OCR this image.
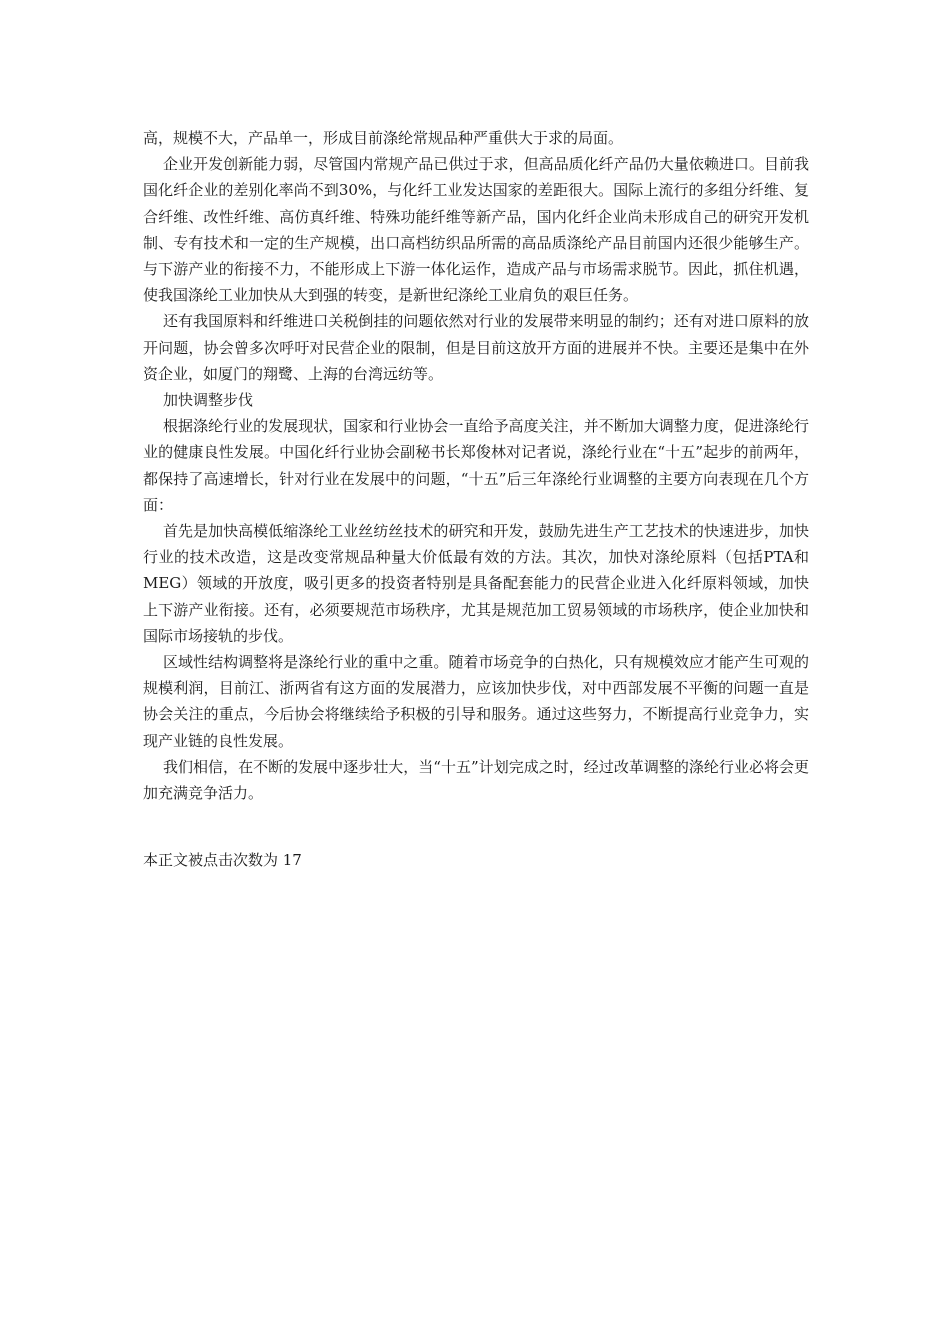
高，规模不大，产品单一，形成目前涤纶常规品种严重供大于求的局面。

企业开发创新能力弱，尽管国内常规产品已供过于求，但高品质化纤产品仍大量依赖进口。目前我国化纤企业的差别化率尚不到30%，与化纤工业发达国家的差距很大。国际上流行的多组分纤维、复合纤维、改性纤维、高仿真纤维、特殊功能纤维等新产品，国内化纤企业尚未形成自己的研究开发机制、专有技术和一定的生产规模，出口高档纺织品所需的高品质涤纶产品目前国内还很少能够生产。与下游产业的衔接不力，不能形成上下游一体化运作，造成产品与市场需求脱节。因此，抓住机遇，使我国涤纶工业加快从大到强的转变，是新世纪涤纶工业肩负的艰巨任务。

还有我国原料和纤维进口关税倒挂的问题依然对行业的发展带来明显的制约；还有对进口原料的放开问题，协会曾多次呼吁对民营企业的限制，但是目前这放开方面的进展并不快。主要还是集中在外资企业，如厦门的翔鹭、上海的台湾远纺等。

加快调整步伐

根据涤纶行业的发展现状，国家和行业协会一直给予高度关注，并不断加大调整力度，促进涤纶行业的健康良性发展。中国化纤行业协会副秘书长郑俊林对记者说，涤纶行业在“十五”起步的前两年，都保持了高速增长，针对行业在发展中的问题，“十五”后三年涤纶行业调整的主要方向表现在几个方面：

首先是加快高模低缩涤纶工业丝纺丝技术的研究和开发，鼓励先进生产工艺技术的快速进步，加快行业的技术改造，这是改变常规品种量大价低最有效的方法。其次，加快对涤纶原料（包括PTA和MEG）领域的开放度，吸引更多的投资者特别是具备配套能力的民营企业进入化纤原料领域，加快上下游产业衔接。还有，必须要规范市场秩序，尤其是规范加工贸易领域的市场秩序，使企业加快和国际市场接轨的步伐。

区域性结构调整将是涤纶行业的重中之重。随着市场竞争的白热化，只有规模效应才能产生可观的规模利润，目前江、浙两省有这方面的发展潜力，应该加快步伐，对中西部发展不平衡的问题一直是协会关注的重点，今后协会将继续给予积极的引导和服务。通过这些努力，不断提高行业竞争力，实现产业链的良性发展。

我们相信，在不断的发展中逐步壮大，当“十五”计划完成之时，经过改革调整的涤纶行业必将会更加充满竞争活力。

本正文被点击次数为 17
